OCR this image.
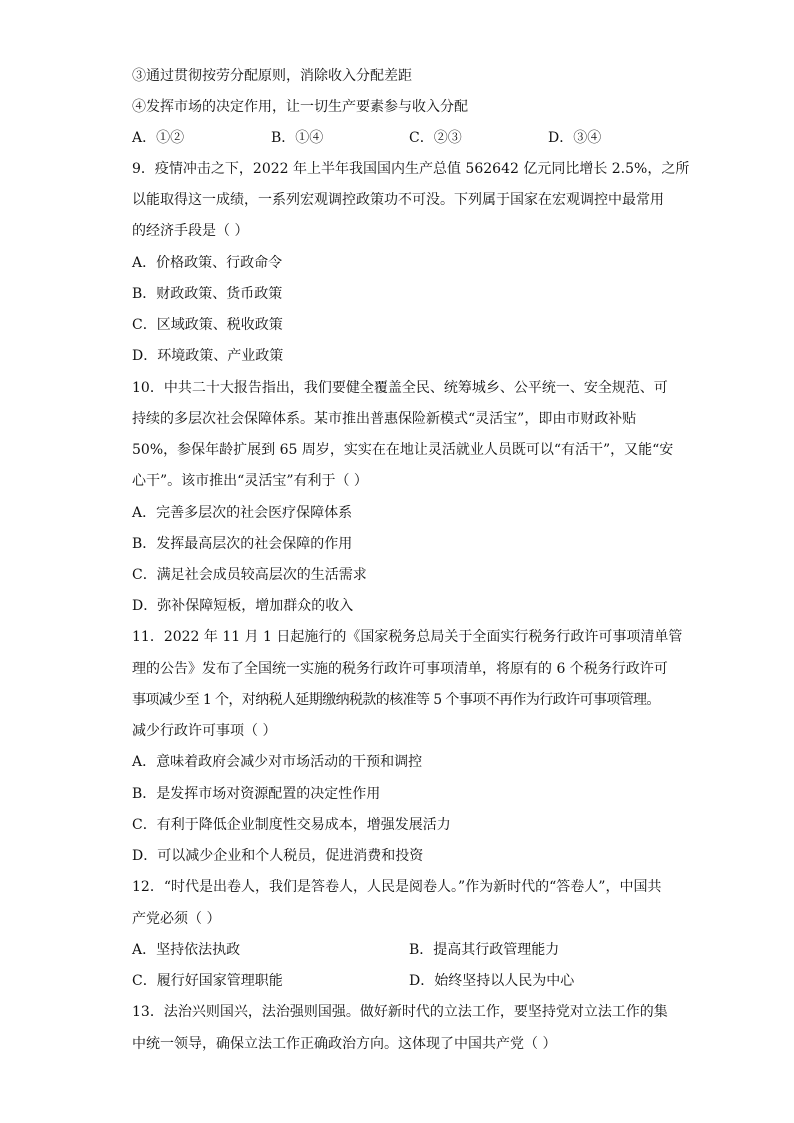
③通过贯彻按劳分配原则，消除收入分配差距
④发挥市场的决定作用，让一切生产要素参与收入分配
A．①②	B．①④	C．②③	D．③④
9．疫情冲击之下，2022 年上半年我国国内生产总值 562642 亿元同比增长 2.5%，之所
以能取得这一成绩，一系列宏观调控政策功不可没。下列属于国家在宏观调控中最常用
的经济手段是（ ）
A．价格政策、行政命令
B．财政政策、货币政策
C．区域政策、税收政策
D．环境政策、产业政策
10．中共二十大报告指出，我们要健全覆盖全民、统筹城乡、公平统一、安全规范、可
持续的多层次社会保障体系。某市推出普惠保险新模式“灵活宝”，即由市财政补贴
50%，参保年龄扩展到 65 周岁，实实在在地让灵活就业人员既可以“有活干”，又能“安
心干”。该市推出“灵活宝”有利于（ ）
A．完善多层次的社会医疗保障体系
B．发挥最高层次的社会保障的作用
C．满足社会成员较高层次的生活需求
D．弥补保障短板，增加群众的收入
11．2022 年 11 月 1 日起施行的《国家税务总局关于全面实行税务行政许可事项清单管
理的公告》发布了全国统一实施的税务行政许可事项清单，将原有的 6 个税务行政许可
事项减少至 1 个，对纳税人延期缴纳税款的核准等 5 个事项不再作为行政许可事项管理。
减少行政许可事项（ ）
A．意味着政府会减少对市场活动的干预和调控
B．是发挥市场对资源配置的决定性作用
C．有利于降低企业制度性交易成本，增强发展活力
D．可以减少企业和个人税员，促进消费和投资
12．“时代是出卷人，我们是答卷人，人民是阅卷人。”作为新时代的“答卷人”，中国共
产党必须（ ）
A．坚持依法执政	B．提高其行政管理能力
C．履行好国家管理职能	D．始终坚持以人民为中心
13．法治兴则国兴，法治强则国强。做好新时代的立法工作，要坚持党对立法工作的集
中统一领导，确保立法工作正确政治方向。这体现了中国共产党（ ）
